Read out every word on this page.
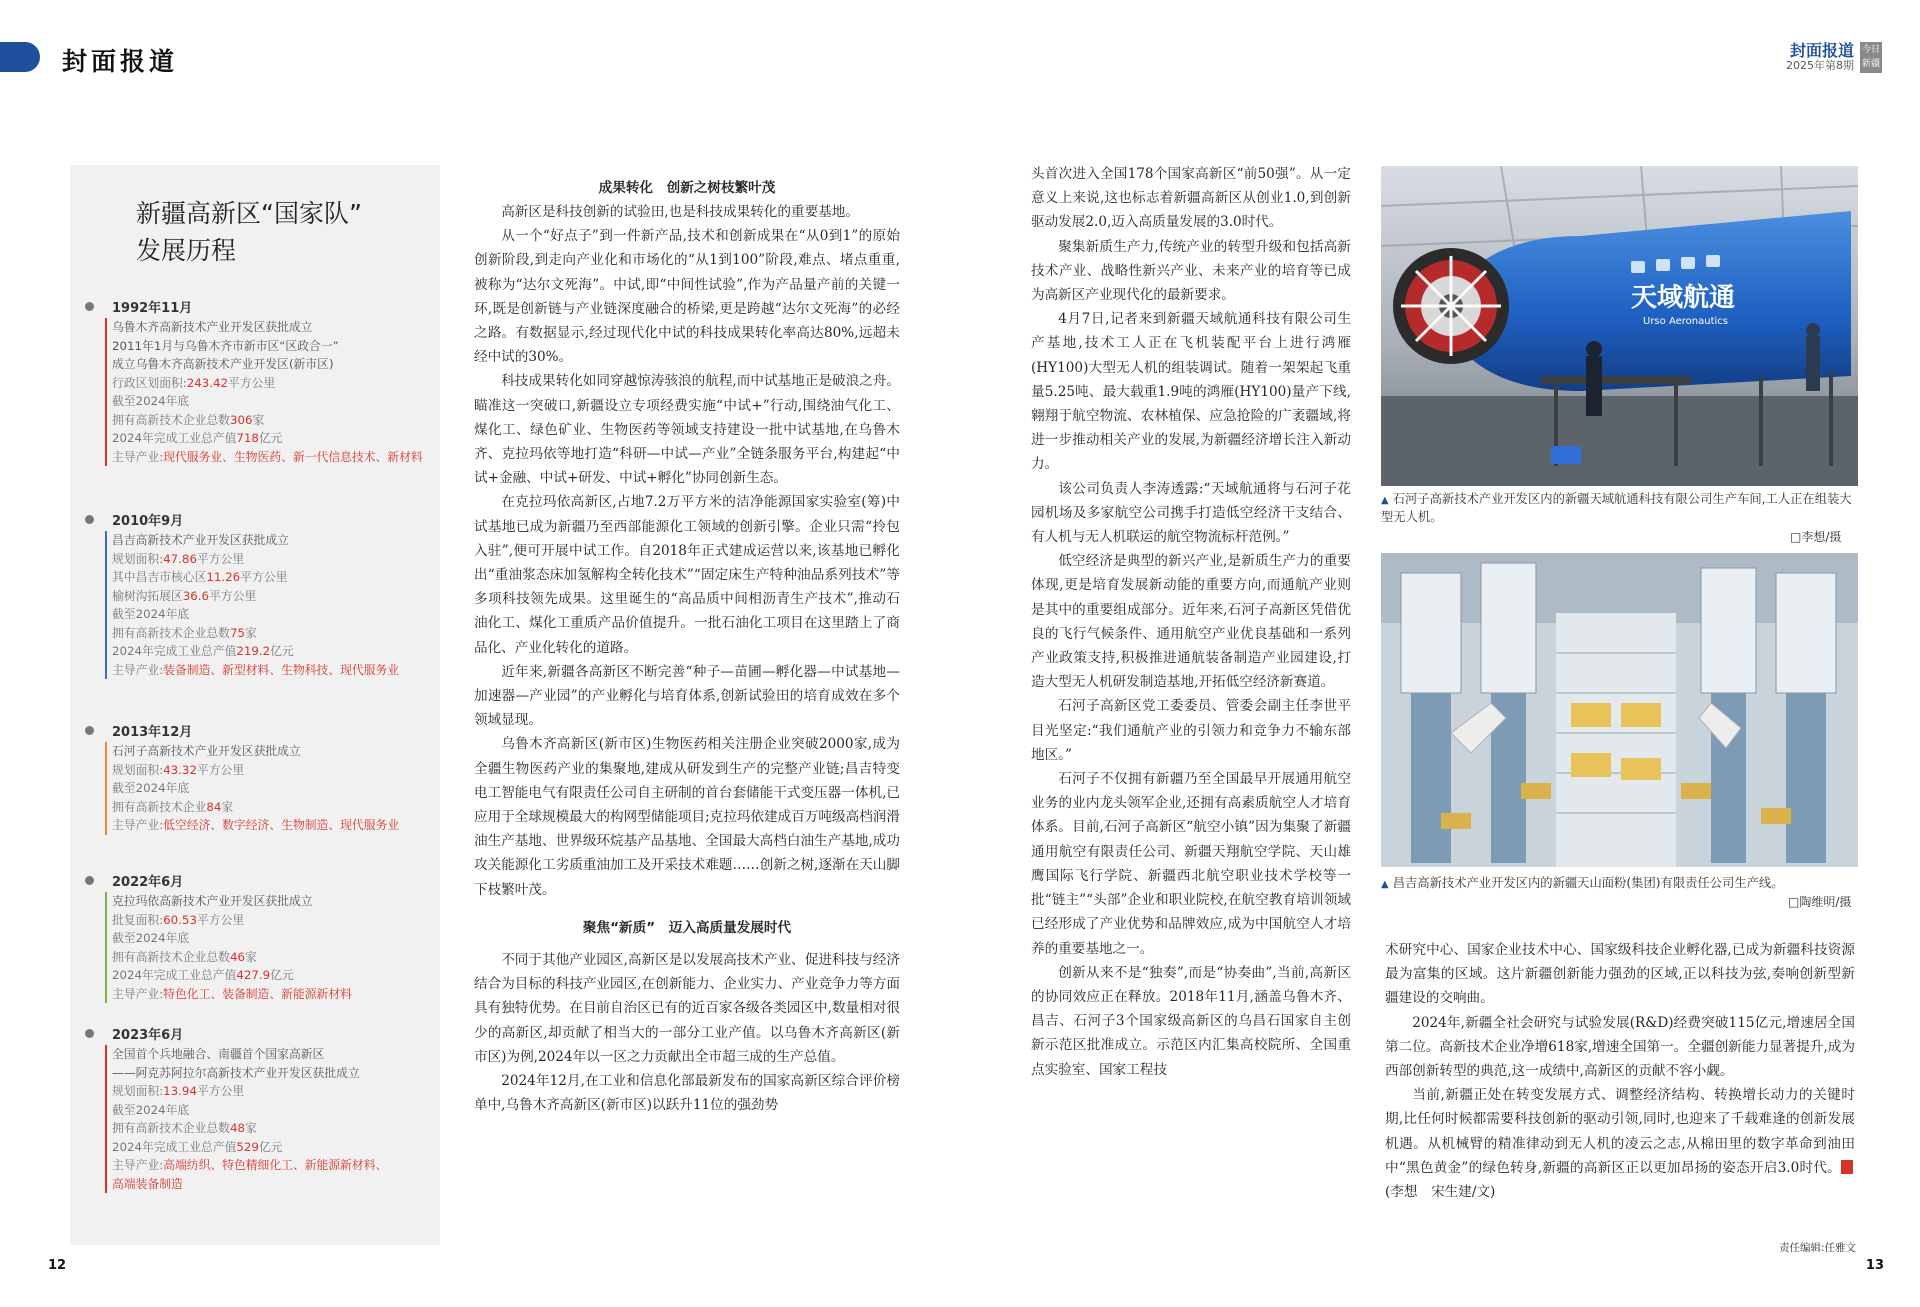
封面报道	封面报道
2025年第8期
今日新疆
新疆高新区“国家队”
发展历程
1992年11月
乌鲁木齐高新技术产业开发区获批成立
2011年1月与乌鲁木齐市新市区“区政合一”
成立乌鲁木齐高新技术产业开发区(新市区)
行政区划面积:243.42平方公里
截至2024年底
拥有高新技术企业总数306家
2024年完成工业总产值718亿元
主导产业:现代服务业、生物医药、新一代信息技术、新材料
2010年9月
昌吉高新技术产业开发区获批成立
规划面积:47.86平方公里
其中昌吉市核心区11.26平方公里
榆树沟拓展区36.6平方公里
截至2024年底
拥有高新技术企业总数75家
2024年完成工业总产值219.2亿元
主导产业:装备制造、新型材料、生物科技、现代服务业
2013年12月
石河子高新技术产业开发区获批成立
规划面积:43.32平方公里
截至2024年底
拥有高新技术企业84家
主导产业:低空经济、数字经济、生物制造、现代服务业
2022年6月
克拉玛依高新技术产业开发区获批成立
批复面积:60.53平方公里
截至2024年底
拥有高新技术企业总数46家
2024年完成工业总产值427.9亿元
主导产业:特色化工、装备制造、新能源新材料
2023年6月
全国首个兵地融合、南疆首个国家高新区
——阿克苏阿拉尔高新技术产业开发区获批成立
规划面积:13.94平方公里
截至2024年底
拥有高新技术企业总数48家
2024年完成工业总产值529亿元
主导产业:高端纺织、特色精细化工、新能源新材料、
高端装备制造
成果转化　创新之树枝繁叶茂

高新区是科技创新的试验田,也是科技成果转化的重要基地。

从一个“好点子”到一件新产品,技术和创新成果在“从0到1”的原始创新阶段,到走向产业化和市场化的“从1到100”阶段,难点、堵点重重,被称为“达尔文死海”。中试,即“中间性试验”,作为产品量产前的关键一环,既是创新链与产业链深度融合的桥梁,更是跨越“达尔文死海”的必经之路。有数据显示,经过现代化中试的科技成果转化率高达80%,远超未经中试的30%。

科技成果转化如同穿越惊涛骇浪的航程,而中试基地正是破浪之舟。瞄准这一突破口,新疆设立专项经费实施“中试+”行动,围绕油气化工、煤化工、绿色矿业、生物医药等领域支持建设一批中试基地,在乌鲁木齐、克拉玛依等地打造“科研—中试—产业”全链条服务平台,构建起“中试+金融、中试+研发、中试+孵化”协同创新生态。

在克拉玛依高新区,占地7.2万平方米的洁净能源国家实验室(筹)中试基地已成为新疆乃至西部能源化工领域的创新引擎。企业只需“拎包入驻”,便可开展中试工作。自2018年正式建成运营以来,该基地已孵化出“重油浆态床加氢解构全转化技术”“固定床生产特种油品系列技术”等多项科技领先成果。这里诞生的“高品质中间相沥青生产技术”,推动石油化工、煤化工重质产品价值提升。一批石油化工项目在这里踏上了商品化、产业化转化的道路。

近年来,新疆各高新区不断完善“种子—苗圃—孵化器—中试基地—加速器—产业园”的产业孵化与培育体系,创新试验田的培育成效在多个领域显现。

乌鲁木齐高新区(新市区)生物医药相关注册企业突破2000家,成为全疆生物医药产业的集聚地,建成从研发到生产的完整产业链;昌吉特变电工智能电气有限责任公司自主研制的首台套储能干式变压器一体机,已应用于全球规模最大的构网型储能项目;克拉玛依建成百万吨级高档润滑油生产基地、世界级环烷基产品基地、全国最大高档白油生产基地,成功攻关能源化工劣质重油加工及开采技术难题……创新之树,逐渐在天山脚下枝繁叶茂。

聚焦“新质”　迈入高质量发展时代

不同于其他产业园区,高新区是以发展高技术产业、促进科技与经济结合为目标的科技产业园区,在创新能力、企业实力、产业竞争力等方面具有独特优势。在目前自治区已有的近百家各级各类园区中,数量相对很少的高新区,却贡献了相当大的一部分工业产值。以乌鲁木齐高新区(新市区)为例,2024年以一区之力贡献出全市超三成的生产总值。

2024年12月,在工业和信息化部最新发布的国家高新区综合评价榜单中,乌鲁木齐高新区(新市区)以跃升11位的强劲势

头首次进入全国178个国家高新区“前50强”。从一定意义上来说,这也标志着新疆高新区从创业1.0,到创新驱动发展2.0,迈入高质量发展的3.0时代。

聚集新质生产力,传统产业的转型升级和包括高新技术产业、战略性新兴产业、未来产业的培育等已成为高新区产业现代化的最新要求。

4月7日,记者来到新疆天域航通科技有限公司生产基地,技术工人正在飞机装配平台上进行鸿雁(HY100)大型无人机的组装调试。随着一架架起飞重量5.25吨、最大载重1.9吨的鸿雁(HY100)量产下线,翱翔于航空物流、农林植保、应急抢险的广袤疆域,将进一步推动相关产业的发展,为新疆经济增长注入新动力。

该公司负责人李涛透露:“天域航通将与石河子花园机场及多家航空公司携手打造低空经济干支结合、有人机与无人机联运的航空物流标杆范例。”

低空经济是典型的新兴产业,是新质生产力的重要体现,更是培育发展新动能的重要方向,而通航产业则是其中的重要组成部分。近年来,石河子高新区凭借优良的飞行气候条件、通用航空产业优良基础和一系列产业政策支持,积极推进通航装备制造产业园建设,打造大型无人机研发制造基地,开拓低空经济新赛道。

石河子高新区党工委委员、管委会副主任李世平目光坚定:“我们通航产业的引领力和竞争力不输东部地区。”

石河子不仅拥有新疆乃至全国最早开展通用航空业务的业内龙头领军企业,还拥有高素质航空人才培育体系。目前,石河子高新区“航空小镇”因为集聚了新疆通用航空有限责任公司、新疆天翔航空学院、天山雄鹰国际飞行学院、新疆西北航空职业技术学校等一批“链主”“头部”企业和职业院校,在航空教育培训领域已经形成了产业优势和品牌效应,成为中国航空人才培养的重要基地之一。

创新从来不是“独奏”,而是“协奏曲”,当前,高新区的协同效应正在释放。2018年11月,涵盖乌鲁木齐、昌吉、石河子3个国家级高新区的乌昌石国家自主创新示范区批准成立。示范区内汇集高校院所、全国重点实验室、国家工程技

天域航通
Urso Aeronautics
▲ 石河子高新技术产业开发区内的新疆天域航通科技有限公司生产车间,工人正在组装大型无人机。
□李想/摄
▲ 昌吉高新技术产业开发区内的新疆天山面粉(集团)有限责任公司生产线。
□陶维明/摄

术研究中心、国家企业技术中心、国家级科技企业孵化器,已成为新疆科技资源最为富集的区域。这片新疆创新能力强劲的区域,正以科技为弦,奏响创新型新疆建设的交响曲。

2024年,新疆全社会研究与试验发展(R&D)经费突破115亿元,增速居全国第二位。高新技术企业净增618家,增速全国第一。全疆创新能力显著提升,成为西部创新转型的典范,这一成绩中,高新区的贡献不容小觑。

当前,新疆正处在转变发展方式、调整经济结构、转换增长动力的关键时期,比任何时候都需要科技创新的驱动引领,同时,也迎来了千载难逢的创新发展机遇。从机械臂的精准律动到无人机的凌云之志,从棉田里的数字革命到油田中“黑色黄金”的绿色转身,新疆的高新区正以更加昂扬的姿态开启3.0时代。(李想　宋生建/文)

责任编辑:任雅文
12	13
